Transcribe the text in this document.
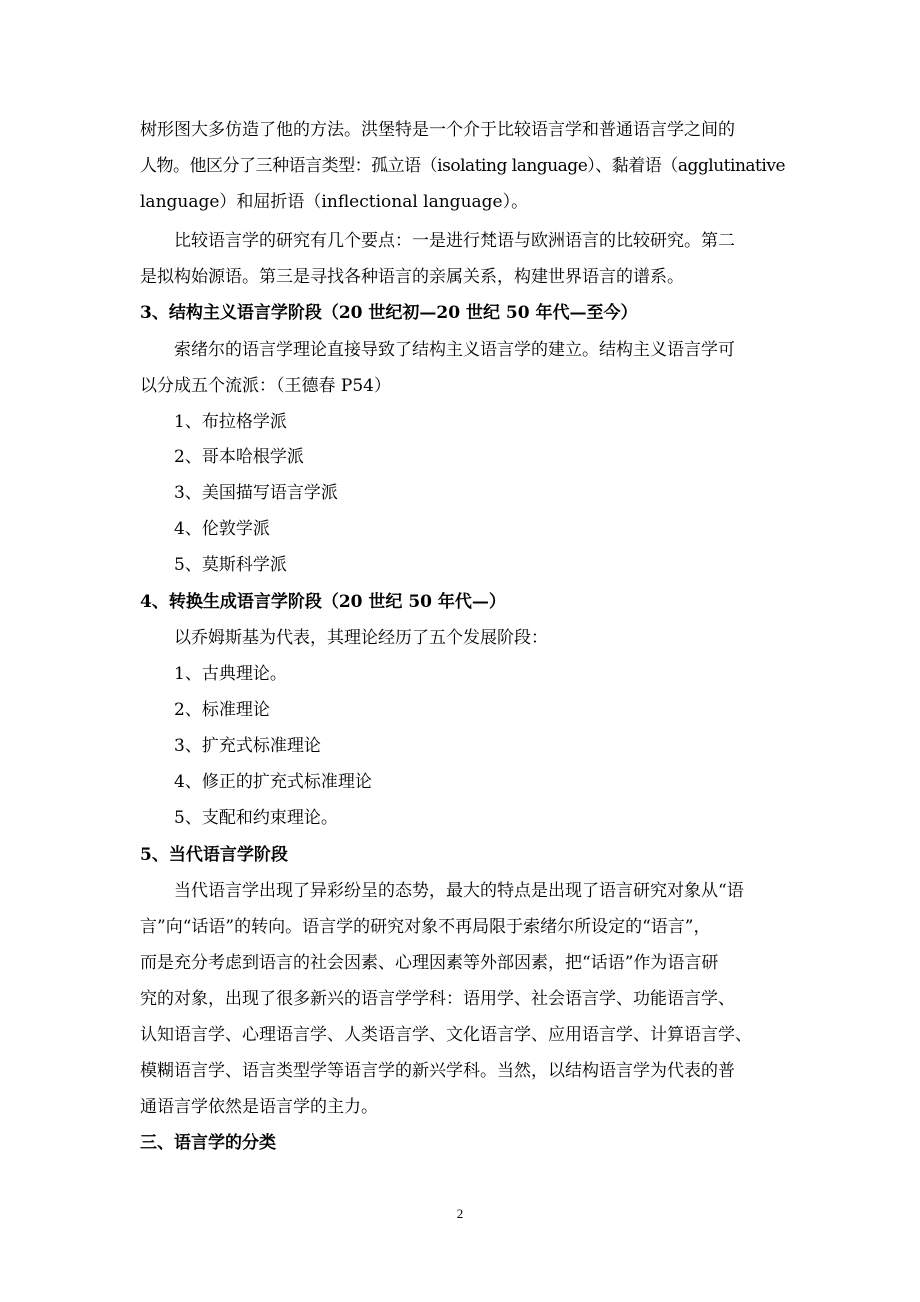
树形图大多仿造了他的方法。洪堡特是一个介于比较语言学和普通语言学之间的
人物。他区分了三种语言类型：孤立语（isolating language）、黏着语（agglutinative
language）和屈折语（inflectional language）。
比较语言学的研究有几个要点：一是进行梵语与欧洲语言的比较研究。第二
是拟构始源语。第三是寻找各种语言的亲属关系，构建世界语言的谱系。
3、结构主义语言学阶段（20 世纪初—20 世纪 50 年代—至今）
索绪尔的语言学理论直接导致了结构主义语言学的建立。结构主义语言学可
以分成五个流派：（王德春 P54）
1、布拉格学派
2、哥本哈根学派
3、美国描写语言学派
4、伦敦学派
5、莫斯科学派
4、转换生成语言学阶段（20 世纪 50 年代—）
以乔姆斯基为代表，其理论经历了五个发展阶段：
1、古典理论。
2、标准理论
3、扩充式标准理论
4、修正的扩充式标准理论
5、支配和约束理论。
5、当代语言学阶段
当代语言学出现了异彩纷呈的态势，最大的特点是出现了语言研究对象从“语
言”向“话语”的转向。语言学的研究对象不再局限于索绪尔所设定的“语言”，
而是充分考虑到语言的社会因素、心理因素等外部因素，把“话语”作为语言研
究的对象，出现了很多新兴的语言学学科：语用学、社会语言学、功能语言学、
认知语言学、心理语言学、人类语言学、文化语言学、应用语言学、计算语言学、
模糊语言学、语言类型学等语言学的新兴学科。当然，以结构语言学为代表的普
通语言学依然是语言学的主力。
三、语言学的分类
2
